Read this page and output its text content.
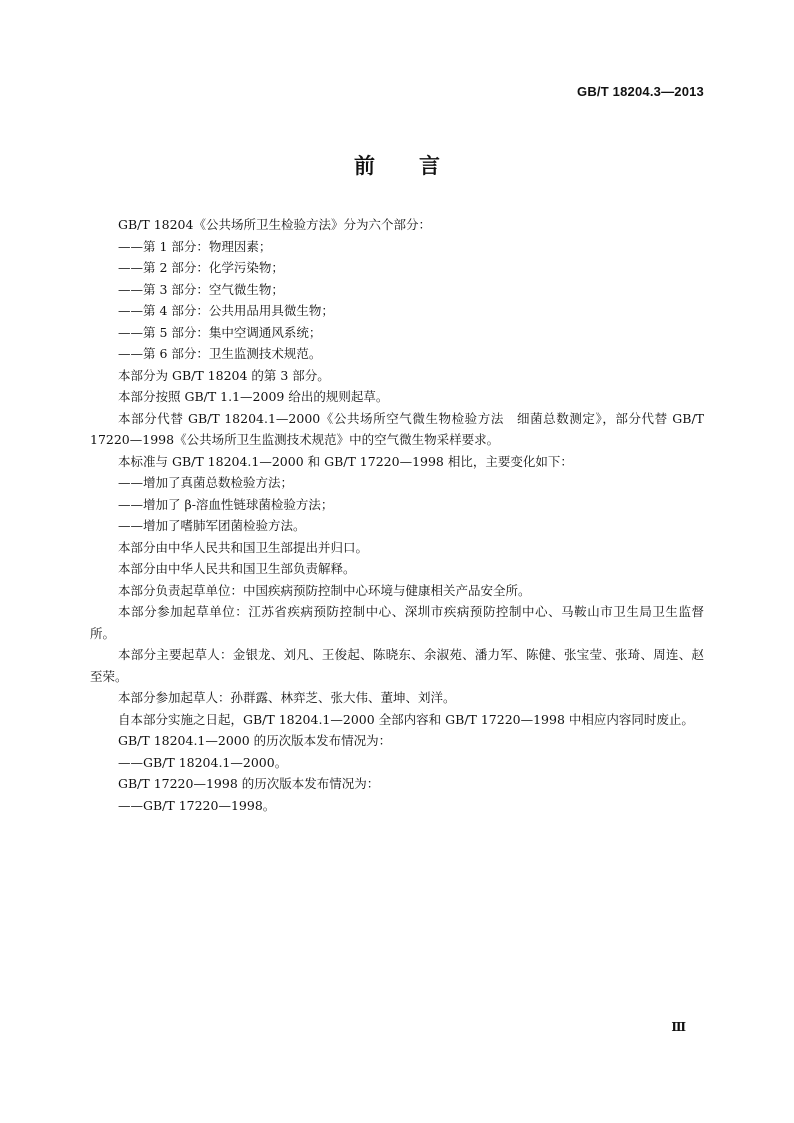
GB/T 18204.3—2013
前言

GB/T 18204《公共场所卫生检验方法》分为六个部分：

——第 1 部分：物理因素；

——第 2 部分：化学污染物；

——第 3 部分：空气微生物；

——第 4 部分：公共用品用具微生物；

——第 5 部分：集中空调通风系统；

——第 6 部分：卫生监测技术规范。

本部分为 GB/T 18204 的第 3 部分。

本部分按照 GB/T 1.1—2009 给出的规则起草。

本部分代替 GB/T 18204.1—2000《公共场所空气微生物检验方法　细菌总数测定》，部分代替 GB/T 17220—1998《公共场所卫生监测技术规范》中的空气微生物采样要求。

本标准与 GB/T 18204.1—2000 和 GB/T 17220—1998 相比，主要变化如下：

——增加了真菌总数检验方法；

——增加了 β-溶血性链球菌检验方法；

——增加了嗜肺军团菌检验方法。

本部分由中华人民共和国卫生部提出并归口。

本部分由中华人民共和国卫生部负责解释。

本部分负责起草单位：中国疾病预防控制中心环境与健康相关产品安全所。

本部分参加起草单位：江苏省疾病预防控制中心、深圳市疾病预防控制中心、马鞍山市卫生局卫生监督所。

本部分主要起草人：金银龙、刘凡、王俊起、陈晓东、余淑苑、潘力军、陈健、张宝莹、张琦、周连、赵至荣。

本部分参加起草人：孙群露、林弈芝、张大伟、董坤、刘洋。

自本部分实施之日起，GB/T 18204.1—2000 全部内容和 GB/T 17220—1998 中相应内容同时废止。

GB/T 18204.1—2000 的历次版本发布情况为：

——GB/T 18204.1—2000。

GB/T 17220—1998 的历次版本发布情况为：

——GB/T 17220—1998。

Ⅲ
